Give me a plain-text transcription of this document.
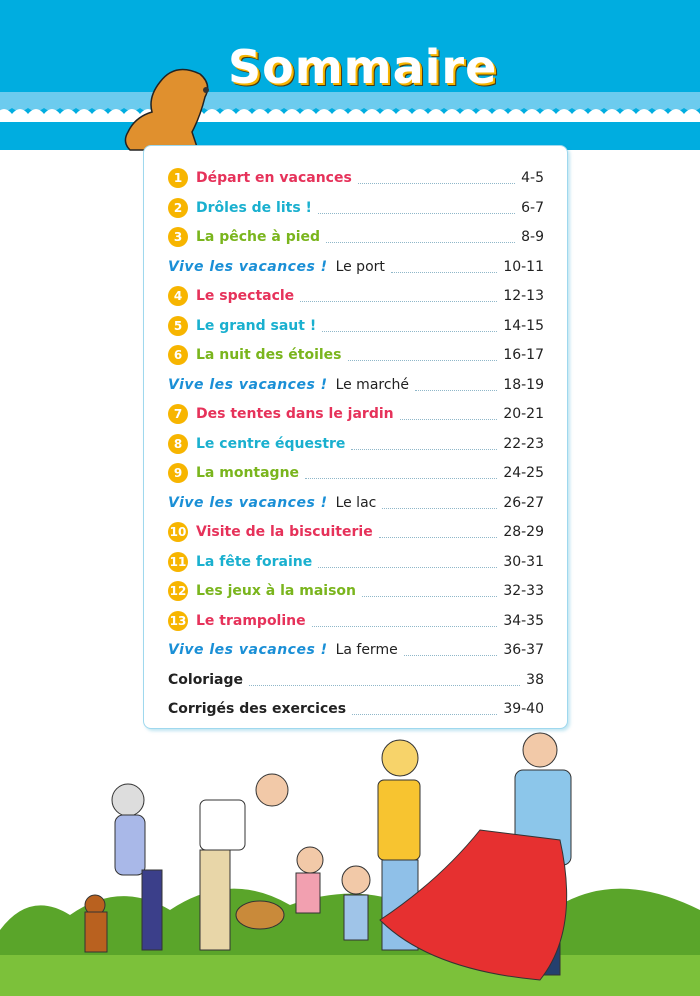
Sommaire
1 Départ en vacances	4-5
2 Drôles de lits !	6-7
3 La pêche à pied	8-9
Vive les vacances ! Le port	10-11
4 Le spectacle	12-13
5 Le grand saut !	14-15
6 La nuit des étoiles	16-17
Vive les vacances ! Le marché	18-19
7 Des tentes dans le jardin	20-21
8 Le centre équestre	22-23
9 La montagne	24-25
Vive les vacances ! Le lac	26-27
10 Visite de la biscuiterie	28-29
11 La fête foraine	30-31
12 Les jeux à la maison	32-33
13 Le trampoline	34-35
Vive les vacances ! La ferme	36-37
Coloriage	38
Corrigés des exercices	39-40
